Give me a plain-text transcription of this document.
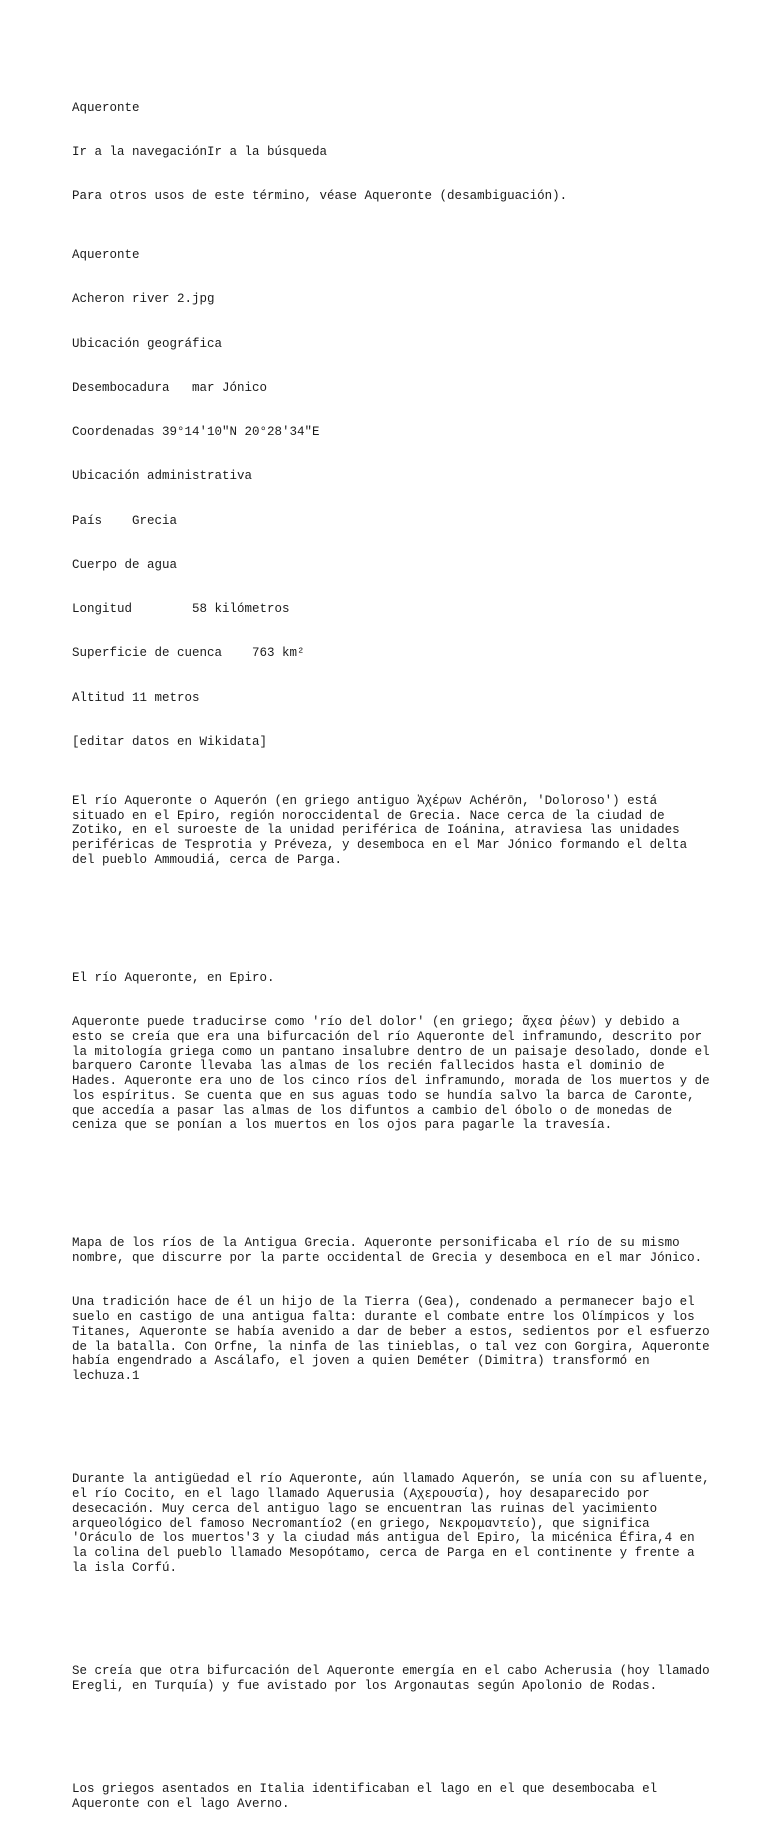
Aqueronte

Ir a la navegaciónIr a la búsqueda

Para otros usos de este término, véase Aqueronte (desambiguación).

Aqueronte

Acheron river 2.jpg

Ubicación geográfica

Desembocadura	mar Jónico

Coordenadas 39°14′10″N 20°28′34″E

Ubicación administrativa

País	Grecia

Cuerpo de agua

Longitud	58 kilómetros

Superficie de cuenca	763 km²

Altitud	11 metros

[editar datos en Wikidata]

El río Aqueronte o Aquerón (en griego antiguo Ἀχέρων Achérōn, 'Doloroso') está situado en el Epiro, región noroccidental de Grecia. Nace cerca de la ciudad de Zotiko, en el suroeste de la unidad periférica de Ioánina, atraviesa las unidades periféricas de Tesprotia y Préveza, y desemboca en el Mar Jónico formando el delta del pueblo Ammoudiá, cerca de Parga.

El río Aqueronte, en Epiro.

Aqueronte puede traducirse como 'río del dolor' (en griego; ἄχεα ῥέων) y debido a esto se creía que era una bifurcación del río Aqueronte del inframundo, descrito por la mitología griega como un pantano insalubre dentro de un paisaje desolado, donde el barquero Caronte llevaba las almas de los recién fallecidos hasta el dominio de Hades. Aqueronte era uno de los cinco ríos del inframundo, morada de los muertos y de los espíritus. Se cuenta que en sus aguas todo se hundía salvo la barca de Caronte, que accedía a pasar las almas de los difuntos a cambio del óbolo o de monedas de ceniza que se ponían a los muertos en los ojos para pagarle la travesía.

Mapa de los ríos de la Antigua Grecia. Aqueronte personificaba el río de su mismo nombre, que discurre por la parte occidental de Grecia y desemboca en el mar Jónico.

Una tradición hace de él un hijo de la Tierra (Gea), condenado a permanecer bajo el suelo en castigo de una antigua falta: durante el combate entre los Olímpicos y los Titanes, Aqueronte se había avenido a dar de beber a estos, sedientos por el esfuerzo de la batalla. Con Orfne, la ninfa de las tinieblas, o tal vez con Gorgira, Aqueronte había engendrado a Ascálafo, el joven a quien Deméter (Dimitra) transformó en lechuza.1

Durante la antigüedad el río Aqueronte, aún llamado Aquerón, se unía con su afluente, el río Cocito, en el lago llamado Aquerusia (Αχερουσία), hoy desaparecido por desecación. Muy cerca del antiguo lago se encuentran las ruinas del yacimiento arqueológico del famoso Necromantío2 (en griego, Νεκρομαντείο), que significa 'Oráculo de los muertos'3 y la ciudad más antigua del Epiro, la micénica Éfira,4 en la colina del pueblo llamado Mesopótamo, cerca de Parga en el continente y frente a la isla Corfú.

Se creía que otra bifurcación del Aqueronte emergía en el cabo Acherusia (hoy llamado Eregli, en Turquía) y fue avistado por los Argonautas según Apolonio de Rodas.

Los griegos asentados en Italia identificaban el lago en el que desembocaba el Aqueronte con el lago Averno.
